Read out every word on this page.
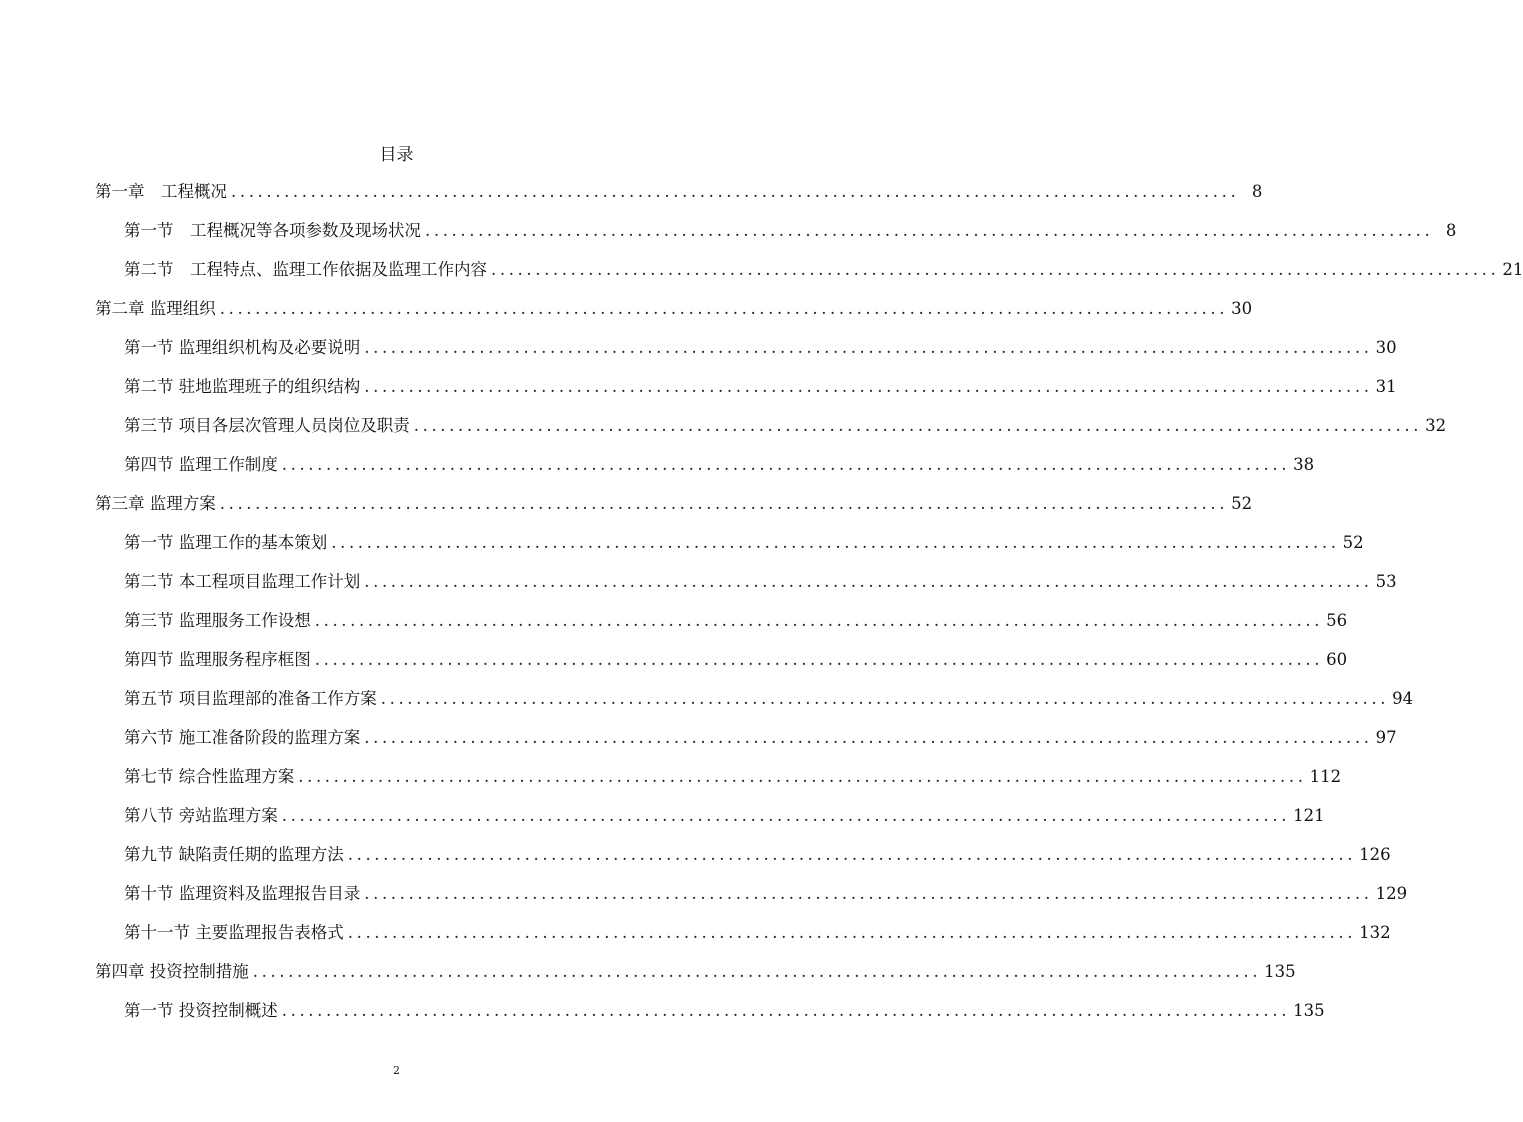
目录
第一章　工程概况 .................................................................................................................. 8
第一节　工程概况等各项参数及现场状况 .................................................................................................................. 8
第二节　工程特点、监理工作依据及监理工作内容 .................................................................................................................. 21
第二章 监理组织 .................................................................................................................. 30
第一节 监理组织机构及必要说明 .................................................................................................................. 30
第二节 驻地监理班子的组织结构 .................................................................................................................. 31
第三节 项目各层次管理人员岗位及职责 .................................................................................................................. 32
第四节 监理工作制度 .................................................................................................................. 38
第三章 监理方案 .................................................................................................................. 52
第一节 监理工作的基本策划 .................................................................................................................. 52
第二节 本工程项目监理工作计划 .................................................................................................................. 53
第三节 监理服务工作设想 .................................................................................................................. 56
第四节 监理服务程序框图 .................................................................................................................. 60
第五节 项目监理部的准备工作方案 .................................................................................................................. 94
第六节 施工准备阶段的监理方案 .................................................................................................................. 97
第七节 综合性监理方案 .................................................................................................................. 112
第八节 旁站监理方案 .................................................................................................................. 121
第九节 缺陷责任期的监理方法 .................................................................................................................. 126
第十节 监理资料及监理报告目录 .................................................................................................................. 129
第十一节 主要监理报告表格式 .................................................................................................................. 132
第四章 投资控制措施 .................................................................................................................. 135
第一节 投资控制概述 .................................................................................................................. 135
2
